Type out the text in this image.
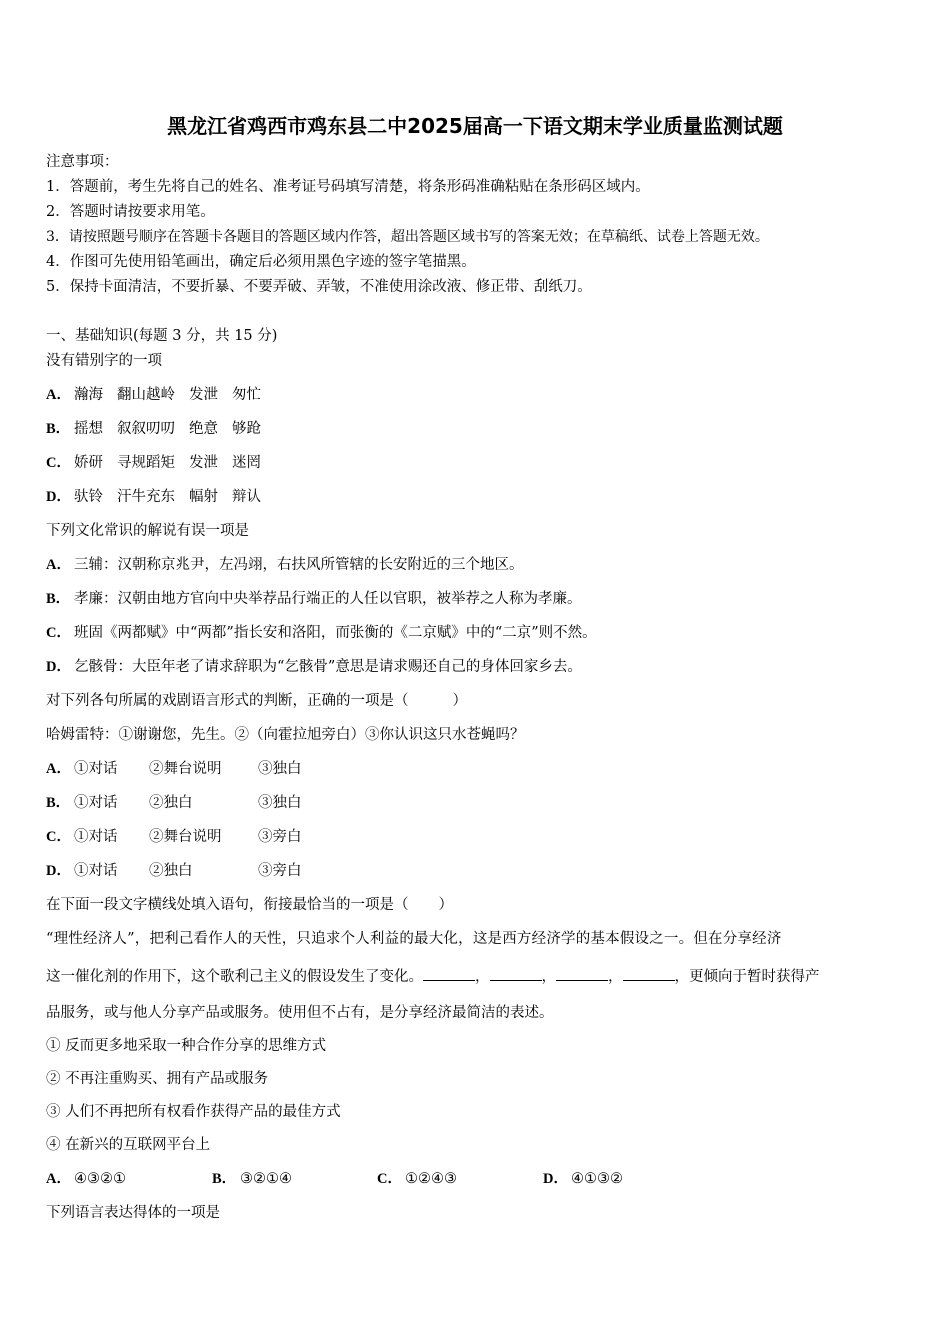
黑龙江省鸡西市鸡东县二中2025届高一下语文期末学业质量监测试题
注意事项：
1．答题前，考生先将自己的姓名、准考证号码填写清楚，将条形码准确粘贴在条形码区域内。
2．答题时请按要求用笔。
3．请按照题号顺序在答题卡各题目的答题区域内作答，超出答题区域书写的答案无效；在草稿纸、试卷上答题无效。
4．作图可先使用铅笔画出，确定后必须用黑色字迹的签字笔描黑。
5．保持卡面清洁，不要折暴、不要弄破、弄皱，不准使用涂改液、修正带、刮纸刀。
一、基础知识(每题 3 分，共 15 分)
没有错别字的一项
A． 瀚海 翻山越岭 发泄 匆忙
B． 摇想 叙叙叨叨 绝意 够跄
C． 娇研 寻规蹈矩 发泄 迷罔
D． 驮铃 汗牛充东 幅射 辩认
下列文化常识的解说有误一项是
A． 三辅：汉朝称京兆尹，左冯翊，右扶风所管辖的长安附近的三个地区。
B． 孝廉：汉朝由地方官向中央举荐品行端正的人任以官职，被举荐之人称为孝廉。
C． 班固《两都赋》中“两都”指长安和洛阳，而张衡的《二京赋》中的“二京”则不然。
D． 乞骸骨：大臣年老了请求辞职为“乞骸骨”意思是请求赐还自己的身体回家乡去。
对下列各句所属的戏剧语言形式的判断，正确的一项是（	）
哈姆雷特：①谢谢您，先生。②（向霍拉旭旁白）③你认识这只水苍蝇吗？
A． ①对话 ②舞台说明	③独白
B． ①对话 ②独白	③独白
C． ①对话 ②舞台说明	③旁白
D． ①对话 ②独白	③旁白
在下面一段文字横线处填入语句，衔接最恰当的一项是（ ）
“理性经济人”，把利己看作人的天性，只追求个人利益的最大化，这是西方经济学的基本假设之一。但在分享经济
这一催化剂的作用下，这个歌利己主义的假设发生了变化。	，	，	，	，更倾向于暂时获得产
品服务，或与他人分享产品或服务。使用但不占有，是分享经济最简洁的表述。
① 反而更多地采取一种合作分享的思维方式
② 不再注重购买、拥有产品或服务
③ 人们不再把所有权看作获得产品的最佳方式
④ 在新兴的互联网平台上
A． ④③②①	B． ③②①④	C． ①②④③	D． ④①③②
下列语言表达得体的一项是
